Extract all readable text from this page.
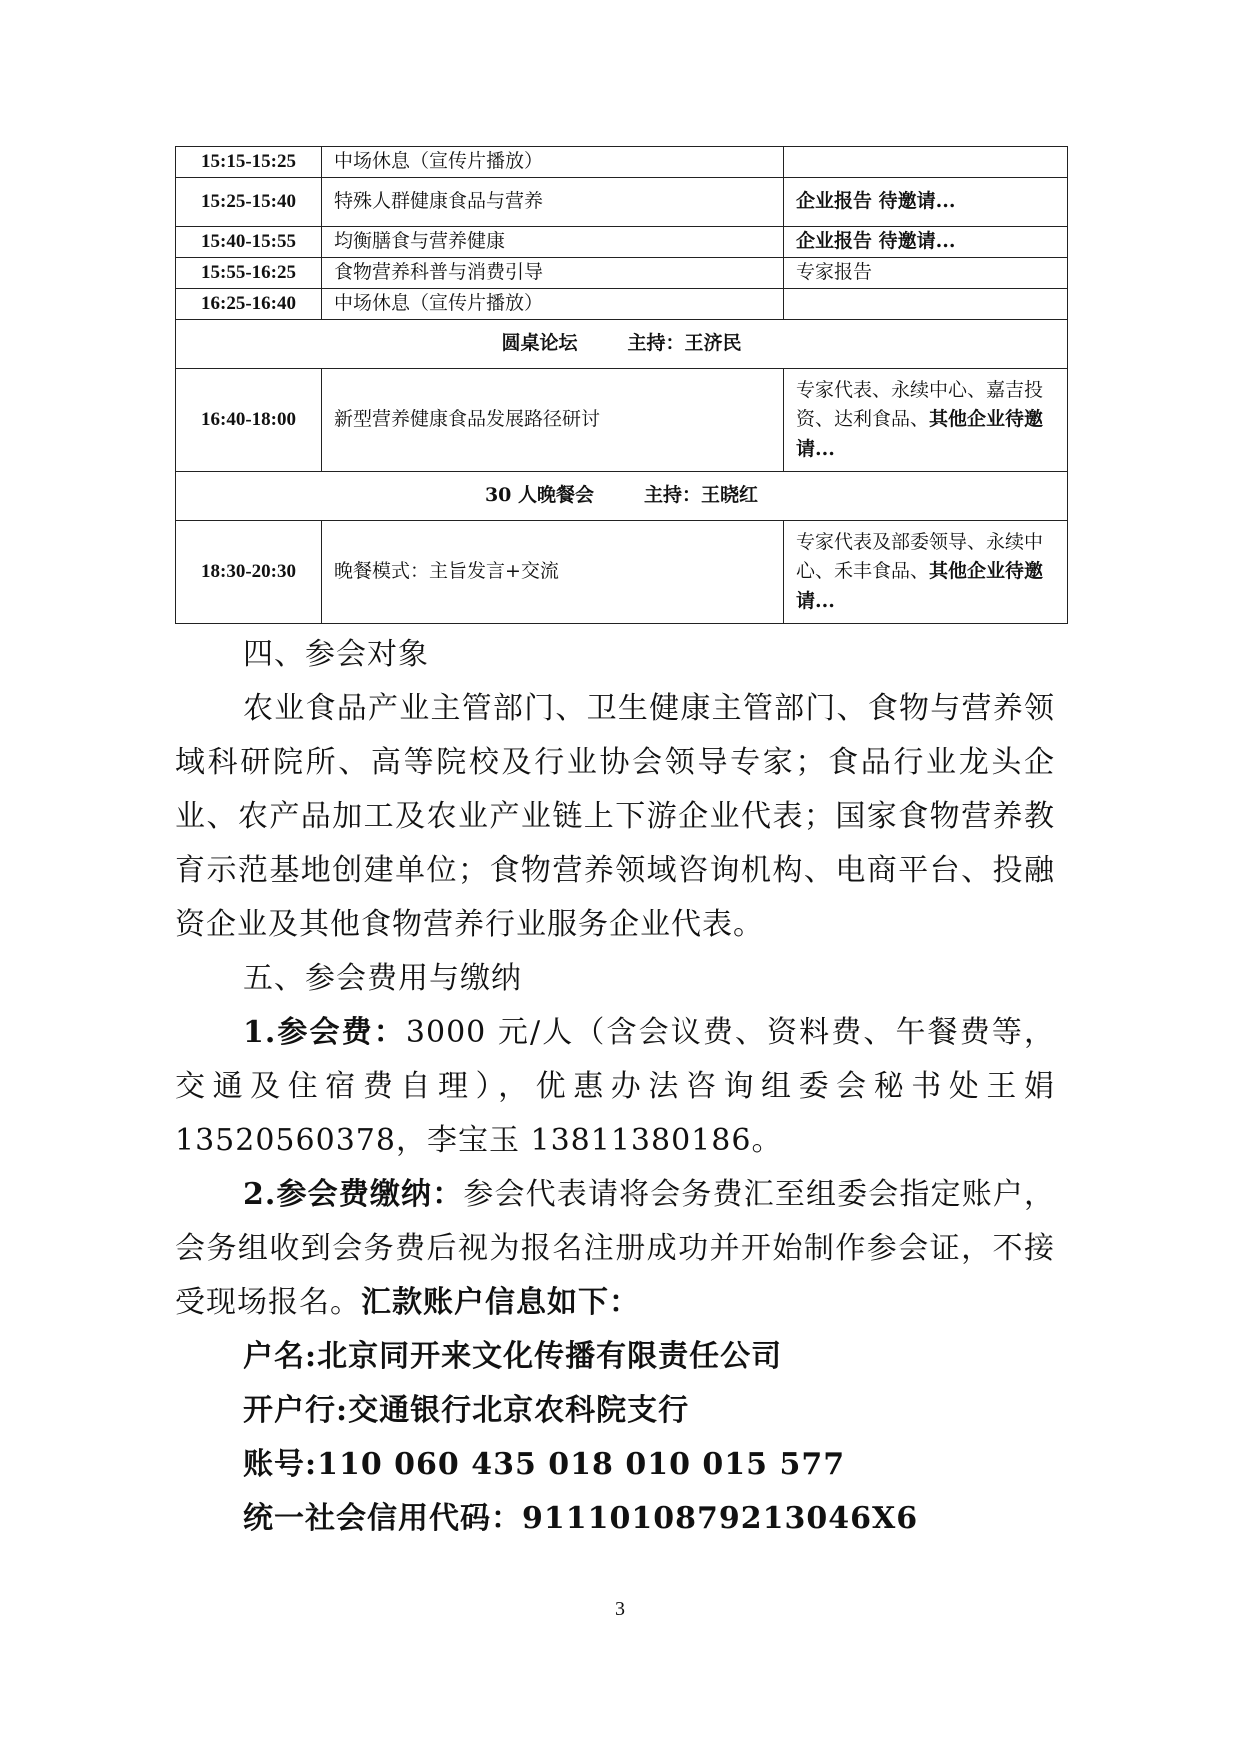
15:15-15:25	中场休息（宣传片播放）	
15:25-15:40	特殊人群健康食品与营养	企业报告 待邀请...
15:40-15:55	均衡膳食与营养健康	企业报告 待邀请...
15:55-16:25	食物营养科普与消费引导	专家报告
16:25-16:40	中场休息（宣传片播放）	
圆桌论坛 主持：王济民		
16:40-18:00	新型营养健康食品发展路径研讨	专家代表、永续中心、嘉吉投资、达利食品、其他企业待邀请...
30 人晚餐会 主持：王晓红		
18:30-20:30	晚餐模式：主旨发言+交流	专家代表及部委领导、永续中心、禾丰食品、其他企业待邀请...
四、参会对象

农业食品产业主管部门、卫生健康主管部门、食物与营养领域科研院所、高等院校及行业协会领导专家；食品行业龙头企业、农产品加工及农业产业链上下游企业代表；国家食物营养教育示范基地创建单位；食物营养领域咨询机构、电商平台、投融资企业及其他食物营养行业服务企业代表。

五、参会费用与缴纳

1.参会费：3000 元/人（含会议费、资料费、午餐费等，交通及住宿费自理），优惠办法咨询组委会秘书处王娟 13520560378，李宝玉 13811380186。

2.参会费缴纳：参会代表请将会务费汇至组委会指定账户，会务组收到会务费后视为报名注册成功并开始制作参会证，不接受现场报名。汇款账户信息如下：

户名:北京同开来文化传播有限责任公司

开户行:交通银行北京农科院支行

账号:110 060 435 018 010 015 577

统一社会信用代码：9111010879213046X6

3
